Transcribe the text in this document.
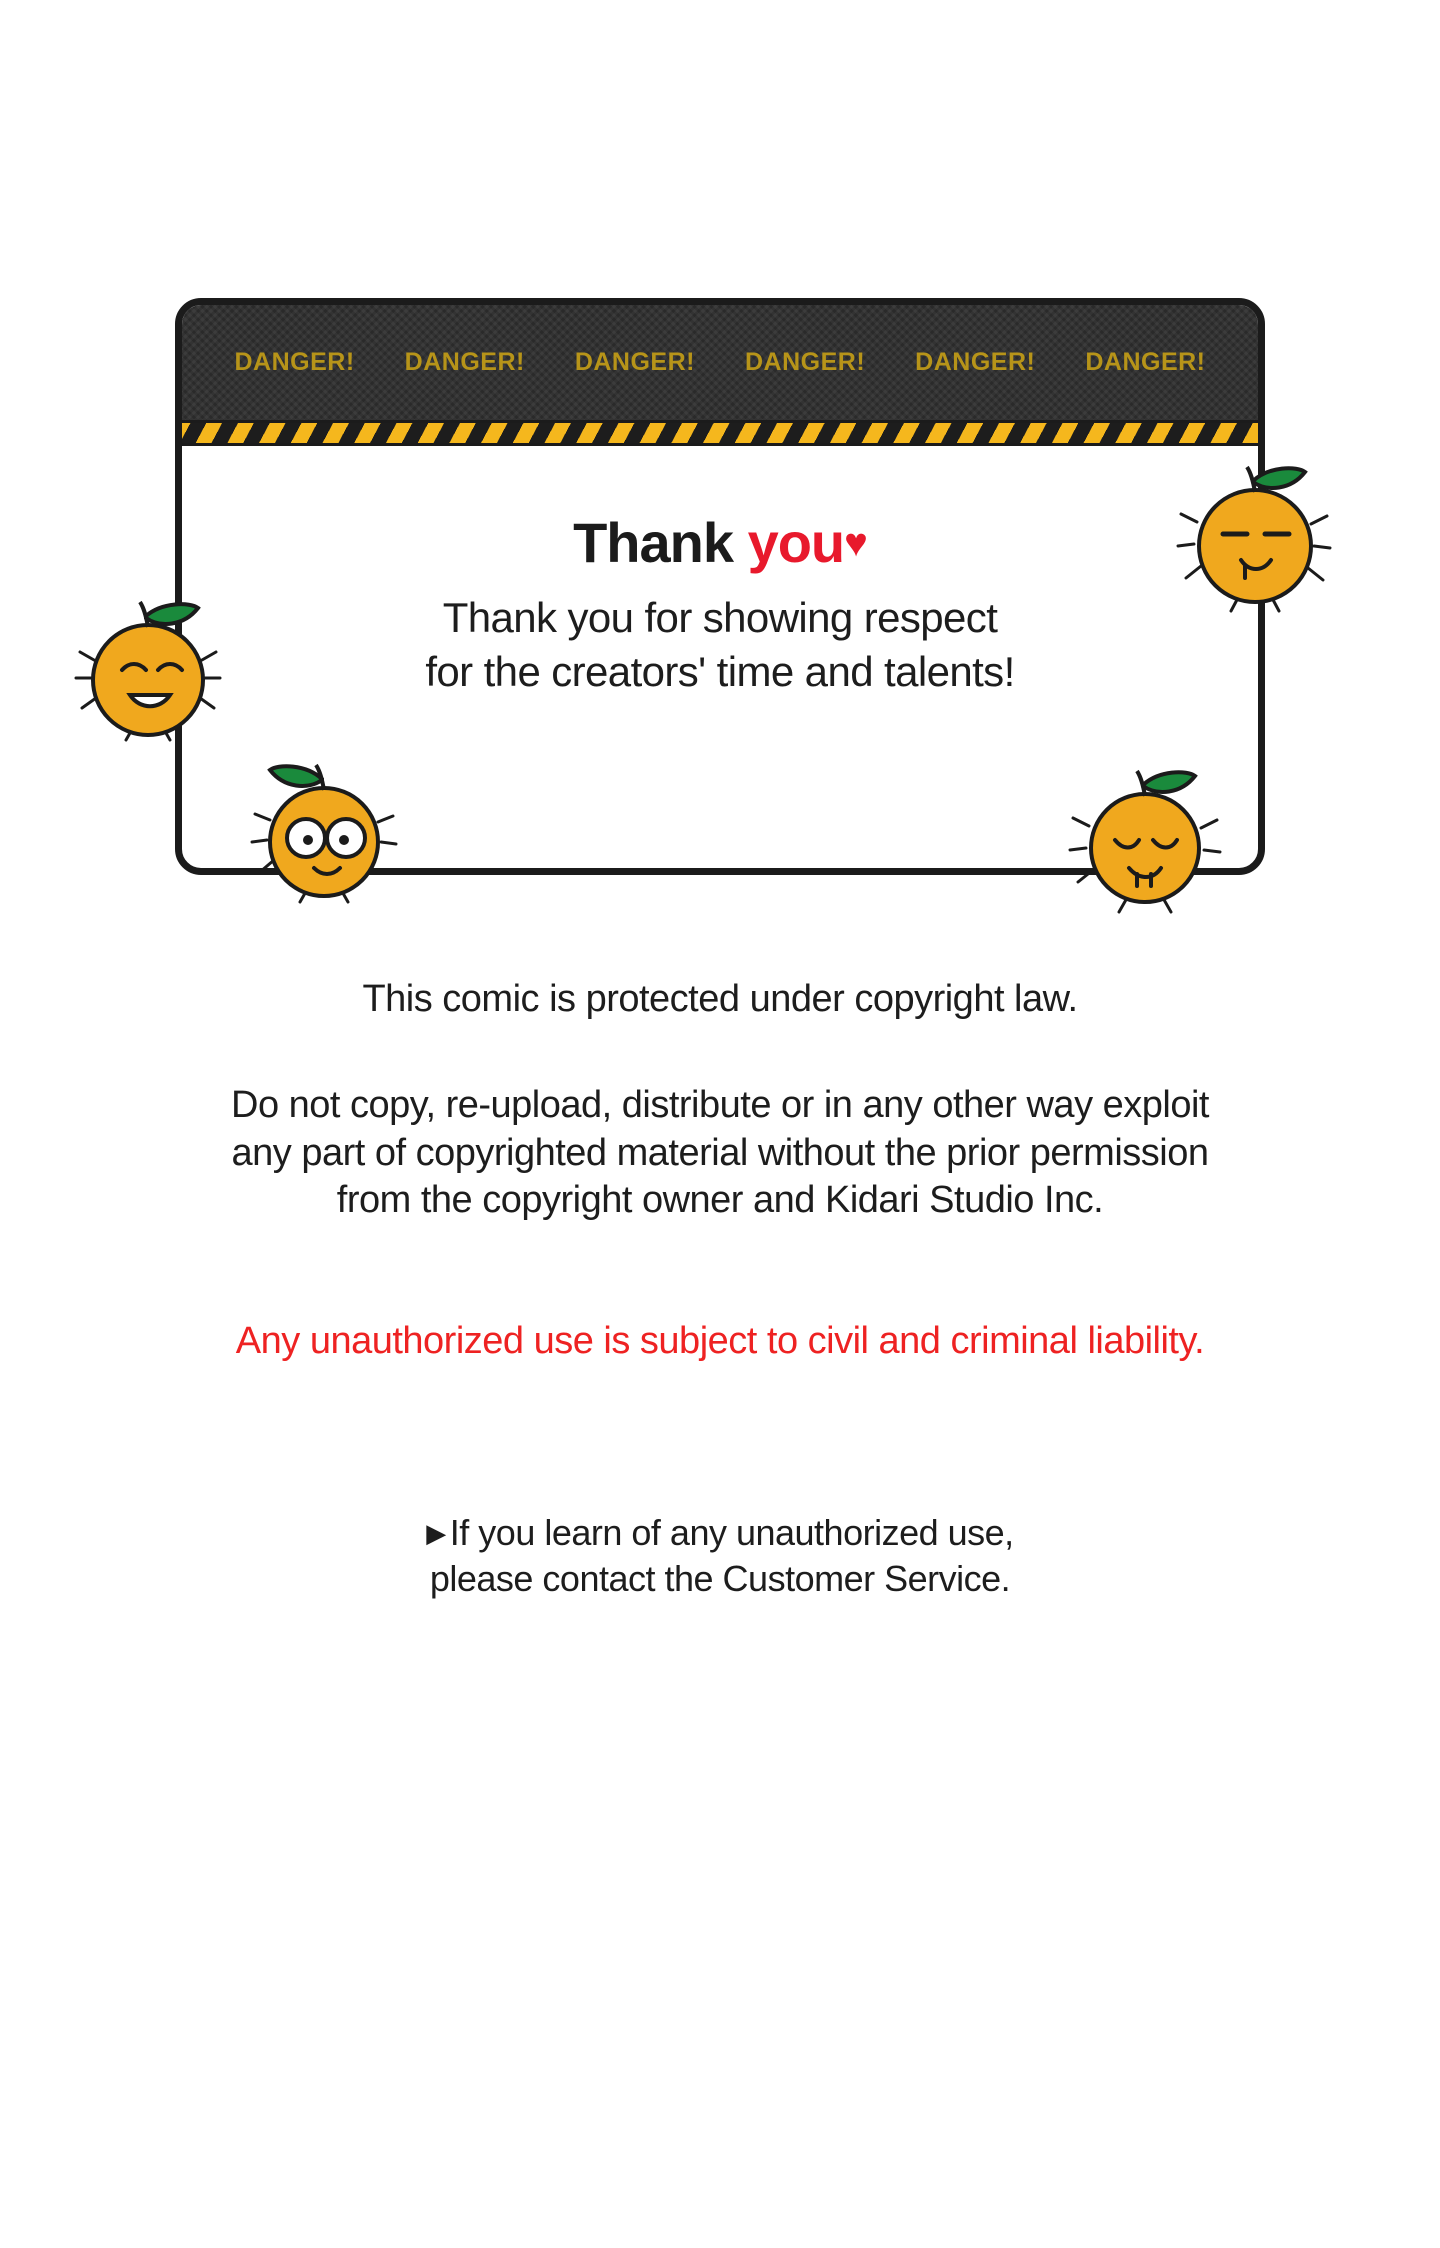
DANGER! DANGER! DANGER! DANGER! DANGER! DANGER!
Thank you♥
Thank you for showing respect
for the creators' time and talents!
This comic is protected under copyright law.
Do not copy, re-upload, distribute or in any other way exploit
any part of copyrighted material without the prior permission
from the copyright owner and Kidari Studio Inc.
Any unauthorized use is subject to civil and criminal liability.
▶ If you learn of any unauthorized use,
please contact the Customer Service.
